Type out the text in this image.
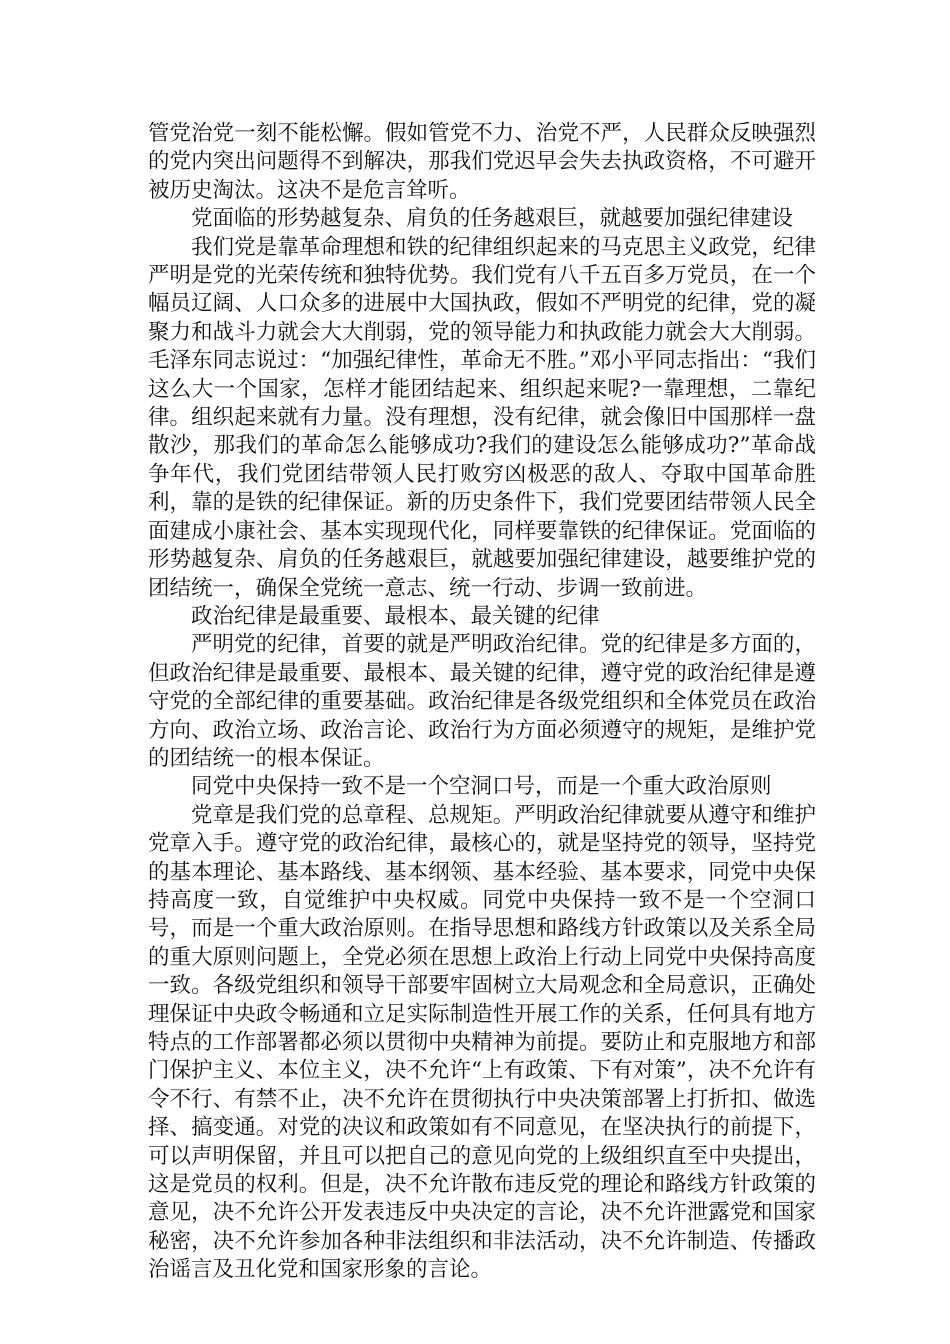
管党治党一刻不能松懈。假如管党不力、治党不严，人民群众反映强烈的党内突出问题得不到解决，那我们党迟早会失去执政资格，不可避开被历史淘汰。这决不是危言耸听。

党面临的形势越复杂、肩负的任务越艰巨，就越要加强纪律建设

我们党是靠革命理想和铁的纪律组织起来的马克思主义政党，纪律严明是党的光荣传统和独特优势。我们党有八千五百多万党员，在一个幅员辽阔、人口众多的进展中大国执政，假如不严明党的纪律，党的凝聚力和战斗力就会大大削弱，党的领导能力和执政能力就会大大削弱。毛泽东同志说过：“加强纪律性，革命无不胜。”邓小平同志指出：“我们这么大一个国家，怎样才能团结起来、组织起来呢?一靠理想，二靠纪律。组织起来就有力量。没有理想，没有纪律，就会像旧中国那样一盘散沙，那我们的革命怎么能够成功?我们的建设怎么能够成功?”革命战争年代，我们党团结带领人民打败穷凶极恶的敌人、夺取中国革命胜利，靠的是铁的纪律保证。新的历史条件下，我们党要团结带领人民全面建成小康社会、基本实现现代化，同样要靠铁的纪律保证。党面临的形势越复杂、肩负的任务越艰巨，就越要加强纪律建设，越要维护党的团结统一，确保全党统一意志、统一行动、步调一致前进。

政治纪律是最重要、最根本、最关键的纪律

严明党的纪律，首要的就是严明政治纪律。党的纪律是多方面的，但政治纪律是最重要、最根本、最关键的纪律，遵守党的政治纪律是遵守党的全部纪律的重要基础。政治纪律是各级党组织和全体党员在政治方向、政治立场、政治言论、政治行为方面必须遵守的规矩，是维护党的团结统一的根本保证。

同党中央保持一致不是一个空洞口号，而是一个重大政治原则

党章是我们党的总章程、总规矩。严明政治纪律就要从遵守和维护党章入手。遵守党的政治纪律，最核心的，就是坚持党的领导，坚持党的基本理论、基本路线、基本纲领、基本经验、基本要求，同党中央保持高度一致，自觉维护中央权威。同党中央保持一致不是一个空洞口号，而是一个重大政治原则。在指导思想和路线方针政策以及关系全局的重大原则问题上，全党必须在思想上政治上行动上同党中央保持高度一致。各级党组织和领导干部要牢固树立大局观念和全局意识，正确处理保证中央政令畅通和立足实际制造性开展工作的关系，任何具有地方特点的工作部署都必须以贯彻中央精神为前提。要防止和克服地方和部门保护主义、本位主义，决不允许“上有政策、下有对策”，决不允许有令不行、有禁不止，决不允许在贯彻执行中央决策部署上打折扣、做选择、搞变通。对党的决议和政策如有不同意见，在坚决执行的前提下，可以声明保留，并且可以把自己的意见向党的上级组织直至中央提出，这是党员的权利。但是，决不允许散布违反党的理论和路线方针政策的意见，决不允许公开发表违反中央决定的言论，决不允许泄露党和国家秘密，决不允许参加各种非法组织和非法活动，决不允许制造、传播政治谣言及丑化党和国家形象的言论。
